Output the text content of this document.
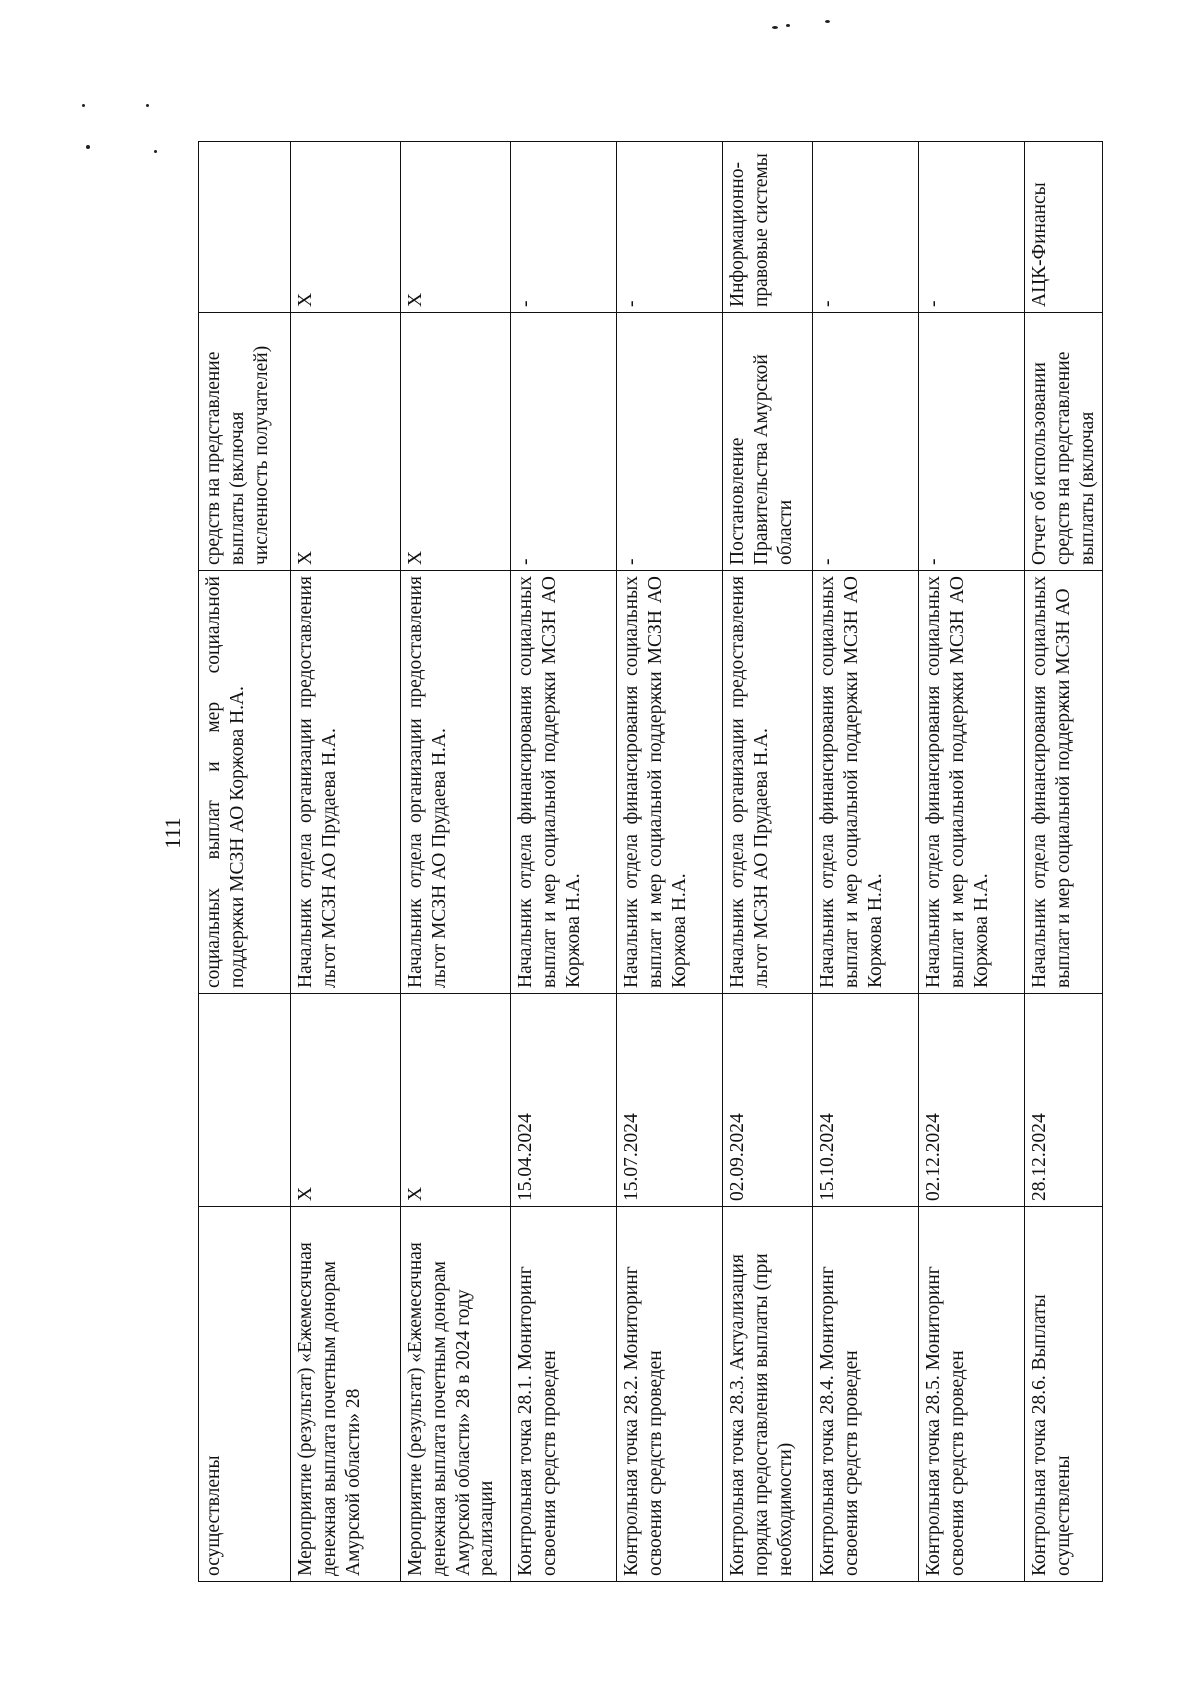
111
осуществлены		социальных выплат и мер социальной поддержки МСЗН АО Коржова Н.А.	средств на представление выплаты (включая численность получателей)	
Мероприятие (результат) «Ежемесячная денежная выплата почетным донорам Амурской области» 28	Х	Начальник отдела организации предоставления льгот МСЗН АО Прудаева Н.А.	Х	Х
Мероприятие (результат) «Ежемесячная денежная выплата почетным донорам Амурской области» 28 в 2024 году реализации	Х	Начальник отдела организации предоставления льгот МСЗН АО Прудаева Н.А.	Х	Х
Контрольная точка 28.1. Мониторинг освоения средств проведен	15.04.2024	Начальник отдела финансирования социальных выплат и мер социальной поддержки МСЗН АО Коржова Н.А.	-	-
Контрольная точка 28.2. Мониторинг освоения средств проведен	15.07.2024	Начальник отдела финансирования социальных выплат и мер социальной поддержки МСЗН АО Коржова Н.А.	-	-
Контрольная точка 28.3. Актуализация порядка предоставления выплаты (при необходимости)	02.09.2024	Начальник отдела организации предоставления льгот МСЗН АО Прудаева Н.А.	Постановление Правительства Амурской области	Информационно-правовые системы
Контрольная точка 28.4. Мониторинг освоения средств проведен	15.10.2024	Начальник отдела финансирования социальных выплат и мер социальной поддержки МСЗН АО Коржова Н.А.	-	-
Контрольная точка 28.5. Мониторинг освоения средств проведен	02.12.2024	Начальник отдела финансирования социальных выплат и мер социальной поддержки МСЗН АО Коржова Н.А.	-	-
Контрольная точка 28.6. Выплаты осуществлены	28.12.2024	Начальник отдела финансирования социальных выплат и мер социальной поддержки МСЗН АО	Отчет об использовании средств на представление выплаты (включая	АЦК-Финансы
